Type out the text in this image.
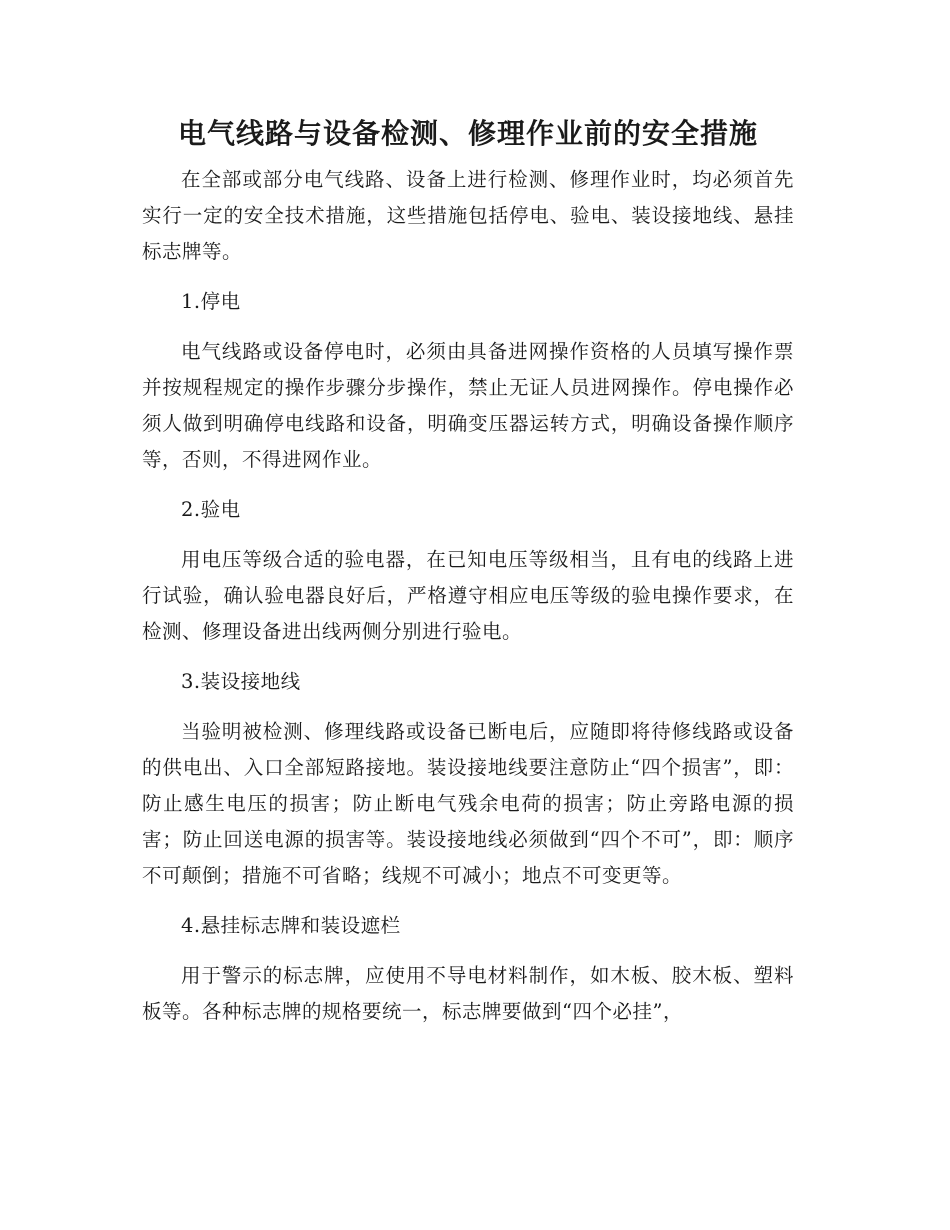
电气线路与设备检测、修理作业前的安全措施

在全部或部分电气线路、设备上进行检测、修理作业时，均必须首先实行一定的安全技术措施，这些措施包括停电、验电、装设接地线、悬挂标志牌等。

1.停电

电气线路或设备停电时，必须由具备进网操作资格的人员填写操作票并按规程规定的操作步骤分步操作，禁止无证人员进网操作。停电操作必须人做到明确停电线路和设备，明确变压器运转方式，明确设备操作顺序等，否则，不得进网作业。

2.验电

用电压等级合适的验电器，在已知电压等级相当，且有电的线路上进行试验，确认验电器良好后，严格遵守相应电压等级的验电操作要求，在检测、修理设备进出线两侧分别进行验电。

3.装设接地线

当验明被检测、修理线路或设备已断电后，应随即将待修线路或设备的供电出、入口全部短路接地。装设接地线要注意防止“四个损害”，即：防止感生电压的损害；防止断电气残余电荷的损害；防止旁路电源的损害；防止回送电源的损害等。装设接地线必须做到“四个不可”，即：顺序不可颠倒；措施不可省略；线规不可减小；地点不可变更等。

4.悬挂标志牌和装设遮栏

用于警示的标志牌，应使用不导电材料制作，如木板、胶木板、塑料板等。各种标志牌的规格要统一，标志牌要做到“四个必挂”，
